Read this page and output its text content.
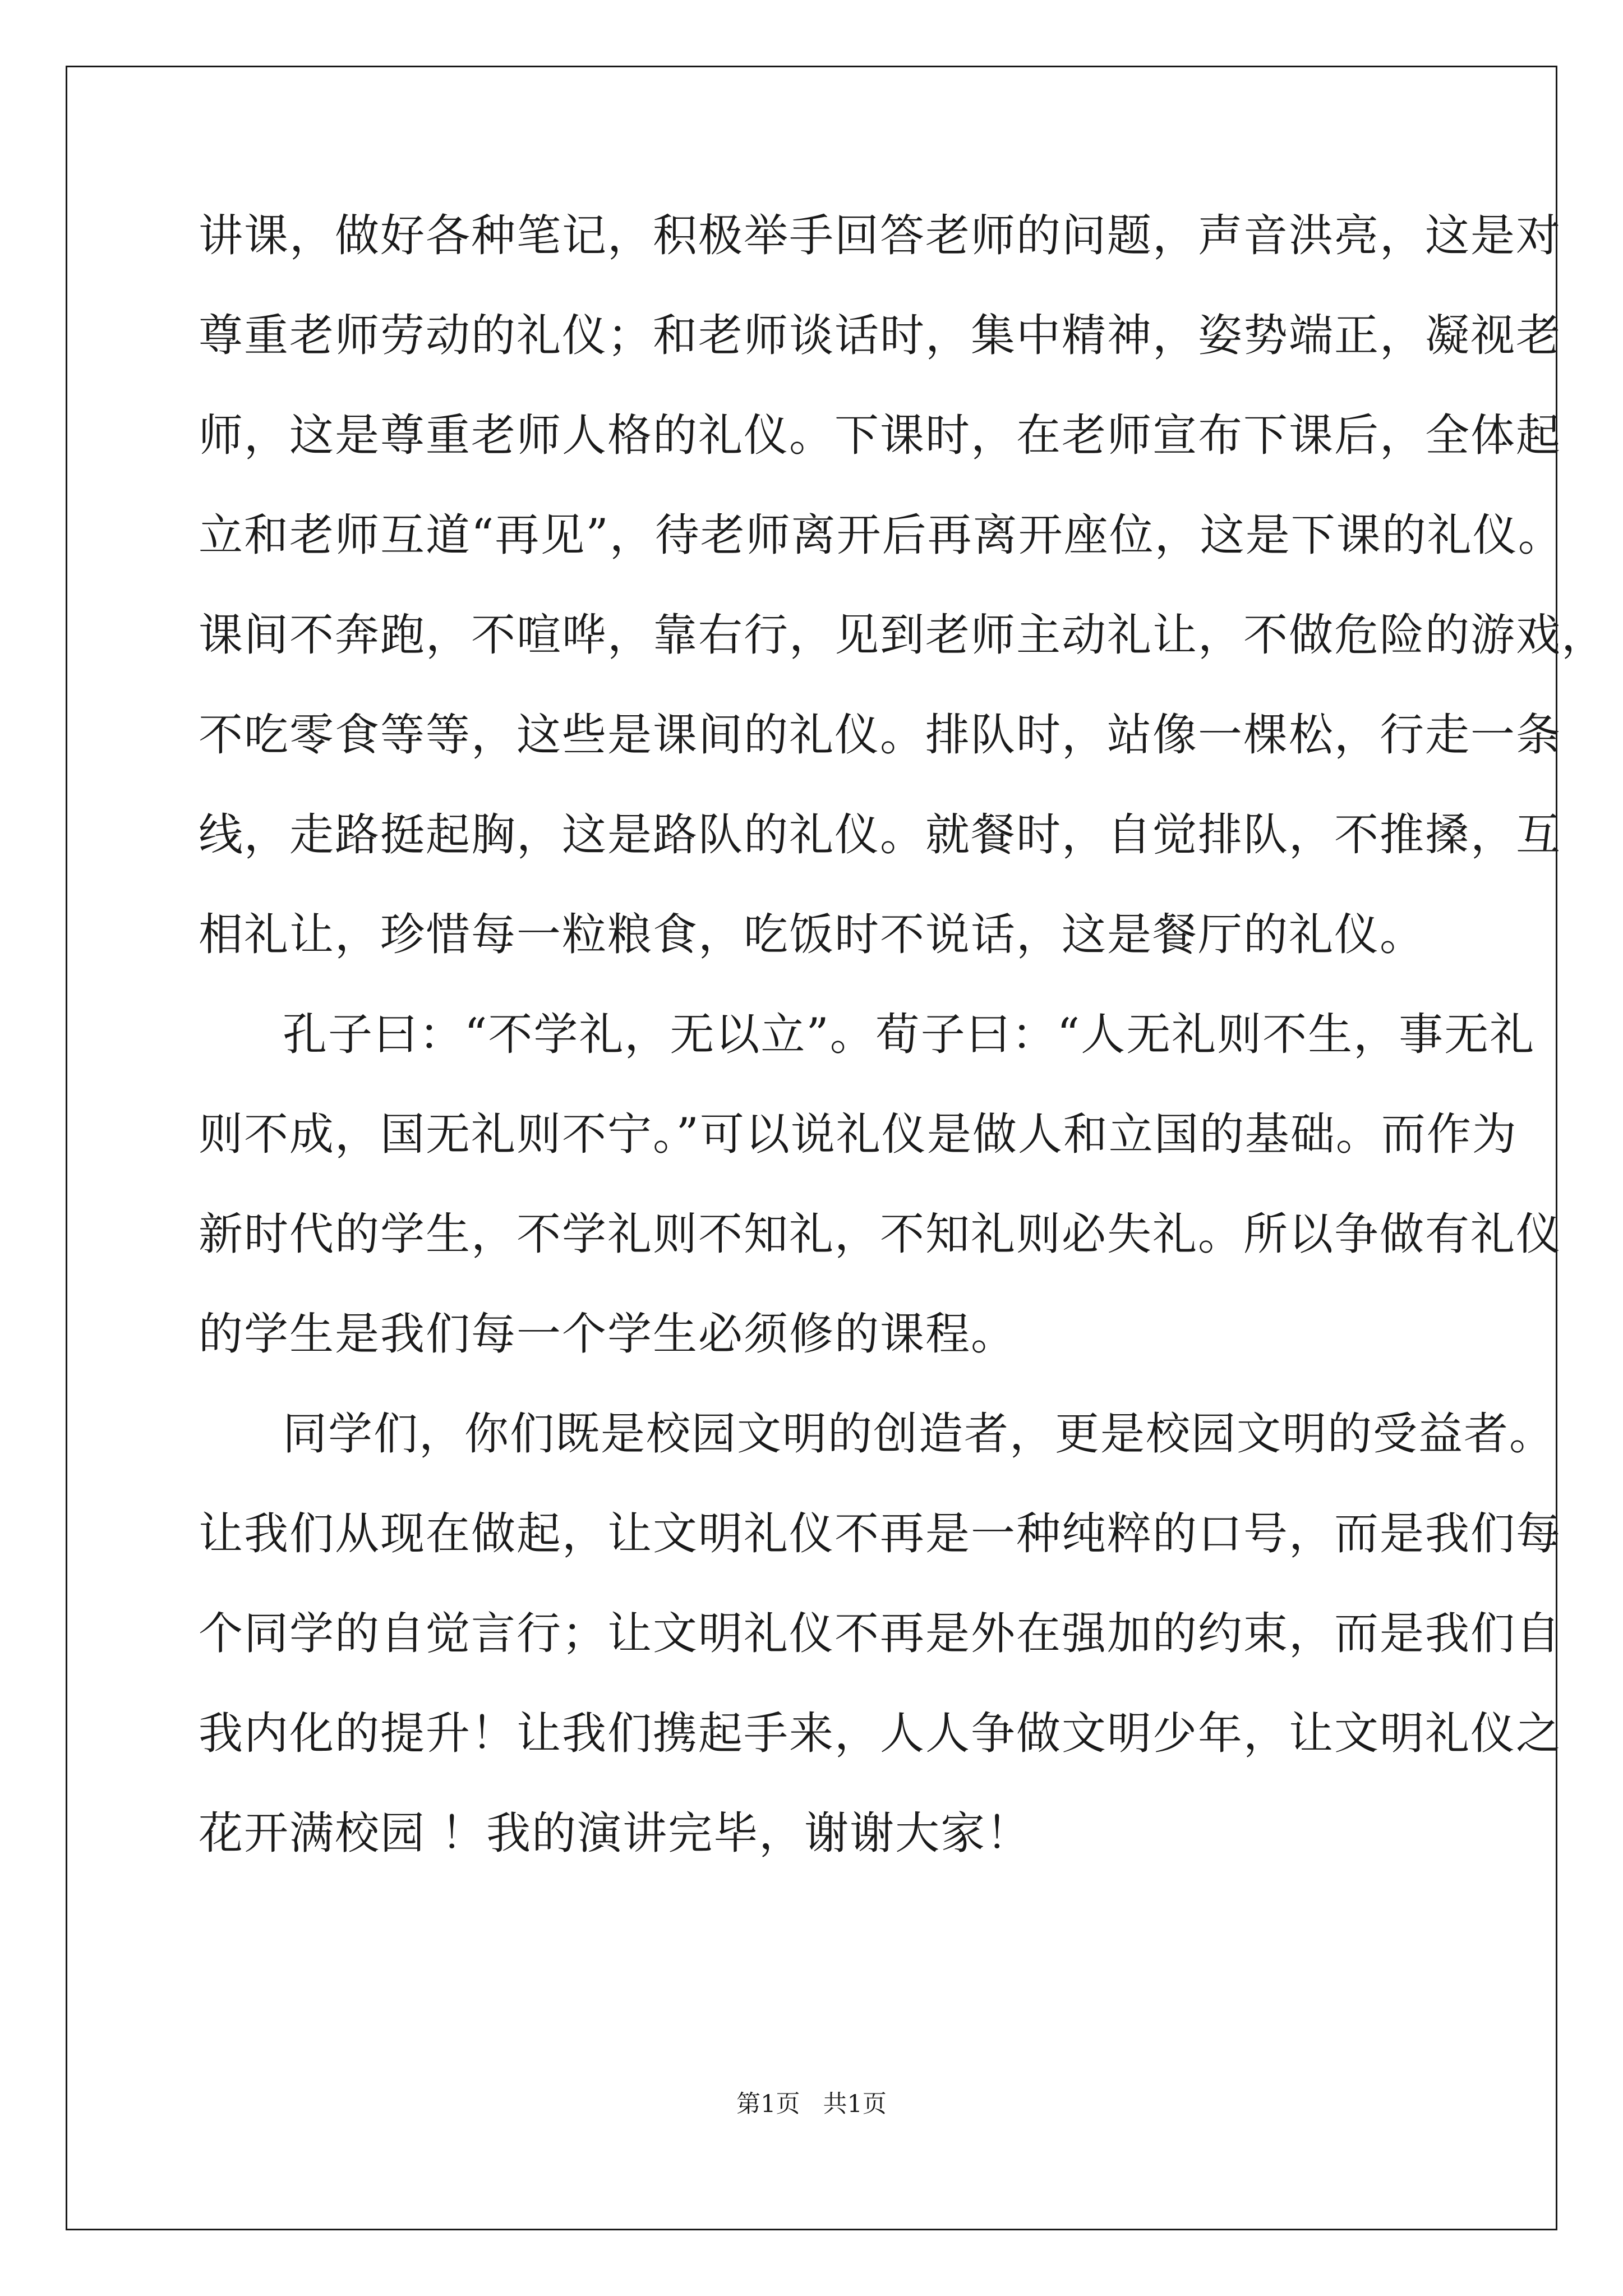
讲课，做好各种笔记，积极举手回答老师的问题，声音洪亮，这是对
尊重老师劳动的礼仪；和老师谈话时，集中精神，姿势端正，凝视老
师，这是尊重老师人格的礼仪。下课时，在老师宣布下课后，全体起
立和老师互道“再见”，待老师离开后再离开座位，这是下课的礼仪。
课间不奔跑，不喧哗，靠右行，见到老师主动礼让，不做危险的游戏，
不吃零食等等，这些是课间的礼仪。排队时，站像一棵松，行走一条
线，走路挺起胸，这是路队的礼仪。就餐时，自觉排队，不推搡，互
相礼让，珍惜每一粒粮食，吃饭时不说话，这是餐厅的礼仪。
孔子曰：“不学礼，无以立”。荀子曰：“人无礼则不生，事无礼
则不成，国无礼则不宁。”可以说礼仪是做人和立国的基础。而作为
新时代的学生，不学礼则不知礼，不知礼则必失礼。所以争做有礼仪
的学生是我们每一个学生必须修的课程。
同学们，你们既是校园文明的创造者，更是校园文明的受益者。
让我们从现在做起，让文明礼仪不再是一种纯粹的口号，而是我们每
个同学的自觉言行；让文明礼仪不再是外在强加的约束，而是我们自
我内化的提升！让我们携起手来，人人争做文明少年，让文明礼仪之
花开满校园 ！我的演讲完毕，谢谢大家！
第1页   共1页
